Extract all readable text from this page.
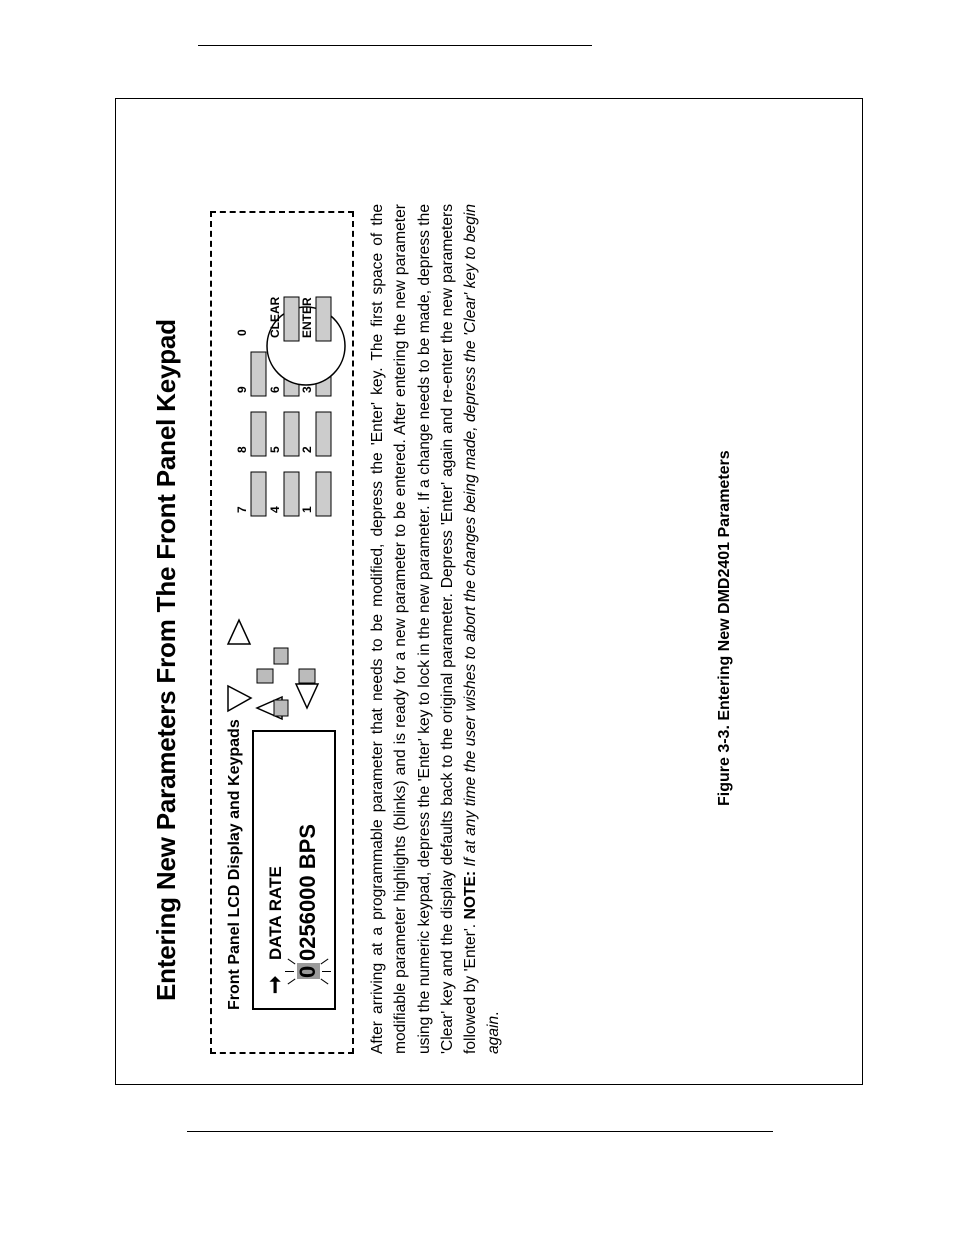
Entering New Parameters From The Front Panel Keypad	Front Panel LCD Display and Keypads ➞
DATA RATE
0
0256000 BPS
7
8
9
0
4
5
6
CLEAR
1
2
3
ENTER	After arriving at a programmable parameter that needs to be modified, depress the 'Enter' key. The first space of the modifiable parameter highlights (blinks) and is ready for a new parameter to be entered. After entering the new parameter using the numeric keypad, depress the 'Enter' key to lock in the new parameter. If a change needs to be made, depress the 'Clear' key and the display defaults back to the original parameter. Depress 'Enter' again and re-enter the new parameters followed by 'Enter'. NOTE: If at any time the user wishes to abort the changes being made, depress the 'Clear' key to begin again.

Figure 3-3. Entering New DMD2401 Parameters
